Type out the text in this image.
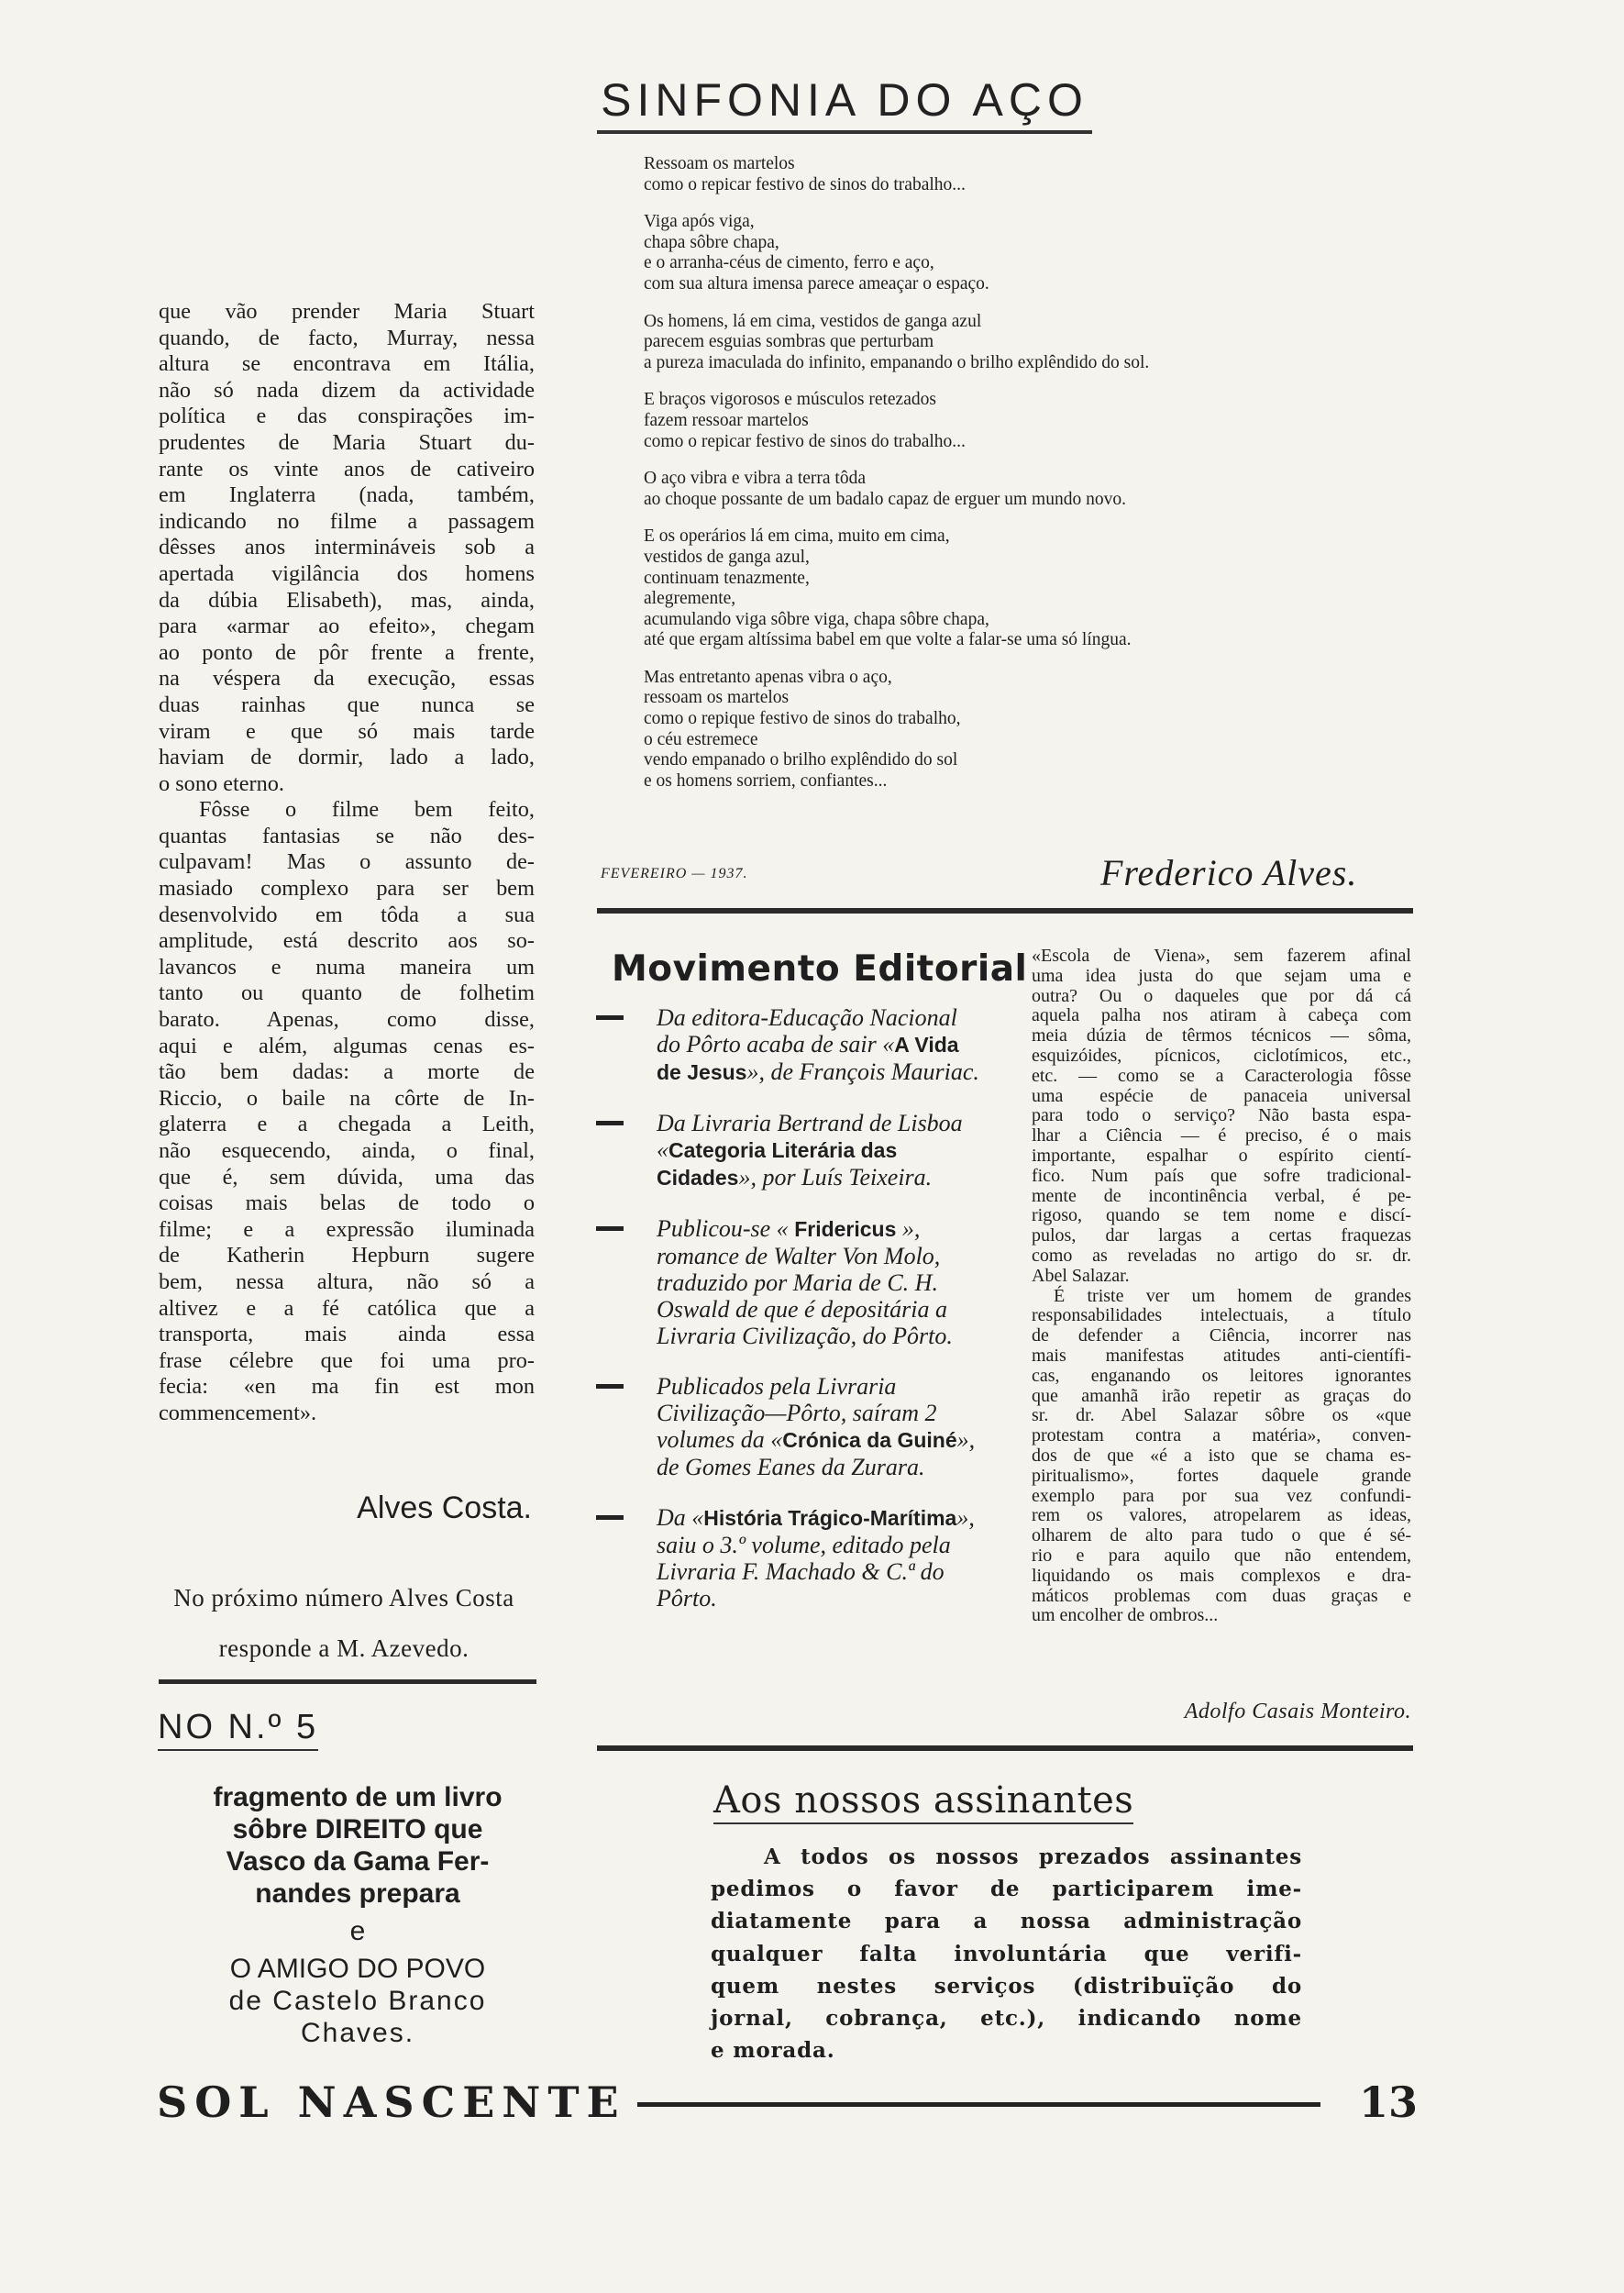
SINFONIA DO AÇO
Ressoam os martelos
como o repicar festivo de sinos do trabalho...
Viga após viga,
chapa sôbre chapa,
e o arranha-céus de cimento, ferro e aço,
com sua altura imensa parece ameaçar o espaço.
Os homens, lá em cima, vestidos de ganga azul
parecem esguias sombras que perturbam
a pureza imaculada do infinito, empanando o brilho explêndido do sol.
E braços vigorosos e músculos retezados
fazem ressoar martelos
como o repicar festivo de sinos do trabalho...
O aço vibra e vibra a terra tôda
ao choque possante de um badalo capaz de erguer um mundo novo.
E os operários lá em cima, muito em cima,
vestidos de ganga azul,
continuam tenazmente,
alegremente,
acumulando viga sôbre viga, chapa sôbre chapa,
até que ergam altíssima babel em que volte a falar-se uma só língua.
Mas entretanto apenas vibra o aço,
ressoam os martelos
como o repique festivo de sinos do trabalho,
o céu estremece
vendo empanado o brilho explêndido do sol
e os homens sorriem, confiantes...
FEVEREIRO — 1937.	Frederico Alves.
que vão prender Maria Stuart
quando, de facto, Murray, nessa
altura se encontrava em Itália,
não só nada dizem da actividade
política e das conspirações im-
prudentes de Maria Stuart du-
rante os vinte anos de cativeiro
em Inglaterra (nada, também,
indicando no filme a passagem
dêsses anos intermináveis sob a
apertada vigilância dos homens
da dúbia Elisabeth), mas, ainda,
para «armar ao efeito», chegam
ao ponto de pôr frente a frente,
na véspera da execução, essas
duas rainhas que nunca se
viram e que só mais tarde
haviam de dormir, lado a lado,
o sono eterno.
Fôsse o filme bem feito,
quantas fantasias se não des-
culpavam! Mas o assunto de-
masiado complexo para ser bem
desenvolvido em tôda a sua
amplitude, está descrito aos so-
lavancos e numa maneira um
tanto ou quanto de folhetim
barato. Apenas, como disse,
aqui e além, algumas cenas es-
tão bem dadas: a morte de
Riccio, o baile na côrte de In-
glaterra e a chegada a Leith,
não esquecendo, ainda, o final,
que é, sem dúvida, uma das
coisas mais belas de todo o
filme; e a expressão iluminada
de Katherin Hepburn sugere
bem, nessa altura, não só a
altivez e a fé católica que a
transporta, mais ainda essa
frase célebre que foi uma pro-
fecia: «en ma fin est mon
commencement».
Alves Costa.
No próximo número Alves Costa
responde a M. Azevedo.
NO N.º 5
fragmento de um livro
sôbre DIREITO que
Vasco da Gama Fer-
nandes prepara
e
O AMIGO DO POVO
de Castelo Branco
Chaves.
Movimento Editorial
Da editora-Educação Nacional do Pôrto acaba de sair «A Vida de Jesus», de François Mauriac.
Da Livraria Bertrand de Lisboa «Categoria Literária das Cidades», por Luís Teixeira.
Publicou-se « Fridericus », romance de Walter Von Molo, traduzido por Maria de C. H. Oswald de que é depositária a Livraria Civilização, do Pôrto.
Publicados pela Livraria Civilização—Pôrto, saíram 2 volumes da «Crónica da Guiné», de Gomes Eanes da Zurara.
Da «História Trágico-Marítima», saiu o 3.º volume, editado pela Livraria F. Machado & C.ª do Pôrto.
«Escola de Viena», sem fazerem afinal
uma idea justa do que sejam uma e
outra? Ou o daqueles que por dá cá
aquela palha nos atiram à cabeça com
meia dúzia de têrmos técnicos — sôma,
esquizóides, pícnicos, ciclotímicos, etc.,
etc. — como se a Caracterologia fôsse
uma espécie de panaceia universal
para todo o serviço? Não basta espa-
lhar a Ciência — é preciso, é o mais
importante, espalhar o espírito cientí-
fico. Num país que sofre tradicional-
mente de incontinência verbal, é pe-
rigoso, quando se tem nome e discí-
pulos, dar largas a certas fraquezas
como as reveladas no artigo do sr. dr.
Abel Salazar.
É triste ver um homem de grandes
responsabilidades intelectuais, a título
de defender a Ciência, incorrer nas
mais manifestas atitudes anti-científi-
cas, enganando os leitores ignorantes
que amanhã irão repetir as graças do
sr. dr. Abel Salazar sôbre os «que
protestam contra a matéria», conven-
dos de que «é a isto que se chama es-
piritualismo», fortes daquele grande
exemplo para por sua vez confundi-
rem os valores, atropelarem as ideas,
olharem de alto para tudo o que é sé-
rio e para aquilo que não entendem,
liquidando os mais complexos e dra-
máticos problemas com duas graças e
um encolher de ombros...
Adolfo Casais Monteiro.
Aos nossos assinantes
A todos os nossos prezados assinantes
pedimos o favor de participarem ime-
diatamente para a nossa administração
qualquer falta involuntária que verifi-
quem nestes serviços (distribuïção do
jornal, cobrança, etc.), indicando nome
e morada.
SOL NASCENTE	13
